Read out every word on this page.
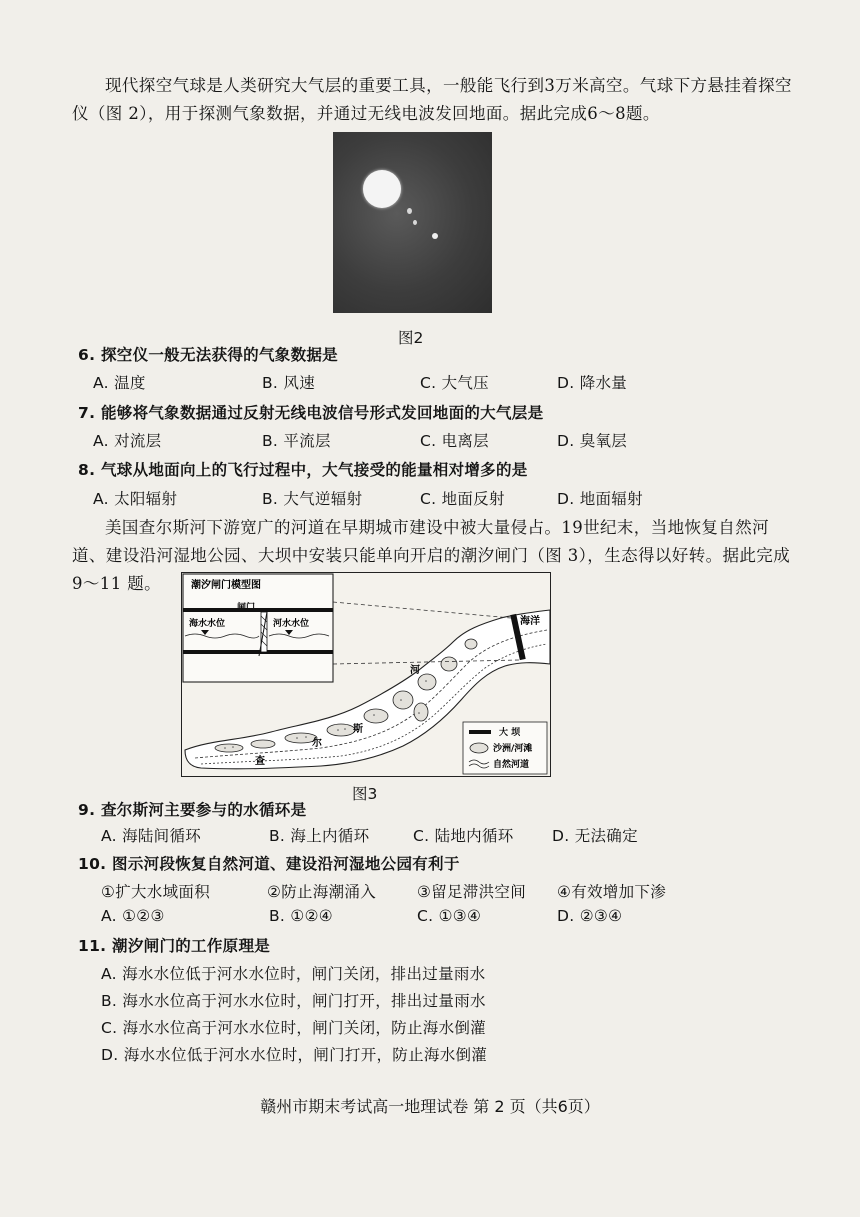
现代探空气球是人类研究大气层的重要工具，一般能飞行到3万米高空。气球下方悬挂着探空仪（图 2），用于探测气象数据，并通过无线电波发回地面。据此完成6～8题。
图2
6. 探空仪一般无法获得的气象数据是
A. 温度	B. 风速	C. 大气压	D. 降水量
7. 能够将气象数据通过反射无线电波信号形式发回地面的大气层是
A. 对流层	B. 平流层	C. 电离层	D. 臭氧层
8. 气球从地面向上的飞行过程中，大气接受的能量相对增多的是
A. 太阳辐射	B. 大气逆辐射	C. 地面反射	D. 地面辐射
美国查尔斯河下游宽广的河道在早期城市建设中被大量侵占。19世纪末，当地恢复自然河道、建设沿河湿地公园、大坝中安装只能单向开启的潮汐闸门（图 3），生态得以好转。据此完成 9～11 题。	潮汐闸门模型图
海水水位	河水水位	海洋
查
尔
斯
河
大 坝
沙洲/河滩
自然河道
图3
9. 查尔斯河主要参与的水循环是
A. 海陆间循环	B. 海上内循环	C. 陆地内循环 D. 无法确定
10. 图示河段恢复自然河道、建设沿河湿地公园有利于
①扩大水域面积	②防止海潮涌入	③留足滞洪空间 ④有效增加下渗
A. ①②③	B. ①②④	C. ①③④	D. ②③④
11. 潮汐闸门的工作原理是
A. 海水水位低于河水水位时，闸门关闭，排出过量雨水
B. 海水水位高于河水水位时，闸门打开，排出过量雨水
C. 海水水位高于河水水位时，闸门关闭，防止海水倒灌
D. 海水水位低于河水水位时，闸门打开，防止海水倒灌
赣州市期末考试高一地理试卷 第 2 页（共6页）
